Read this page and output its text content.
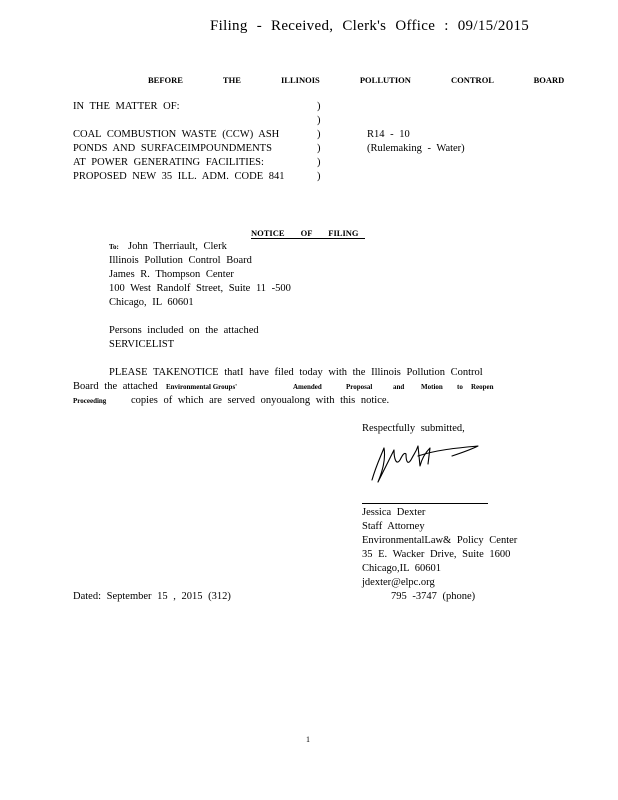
Filing - Received, Clerk's Office : 09/15/2015
BEFORE THE ILLINOIS POLLUTION CONTROL BOARD
IN THE MATTER OF:
COAL COMBUSTION WASTE (CCW) ASH
PONDS AND SURFACEIMPOUNDMENTS
AT POWER GENERATING FACILITIES:
PROPOSED NEW 35 ILL. ADM. CODE 841
)
)
)
)
)
)
R14 - 10
(Rulemaking - Water)
NOTICE OF FILING
To: John Therriault, Clerk
Illinois Pollution Control Board
James R. Thompson Center
100 West Randolf Street, Suite 11 -500
Chicago, IL 60601
Persons included on the attached
SERVICELIST
PLEASE TAKENOTICE thatI have filed today with the Illinois Pollution Control
Board the attached Environmental Groups'	Amended	Proposal	and Motion to Reopen
Proceeding copies of which are served onyoualong with this notice.
Respectfully submitted,
Jessica Dexter
Staff Attorney
EnvironmentalLaw& Policy Center
35 E. Wacker Drive, Suite 1600
Chicago,IL 60601
jdexter@elpc.org
795 -3747 (phone)
Dated: September 15 , 2015 (312)
1
